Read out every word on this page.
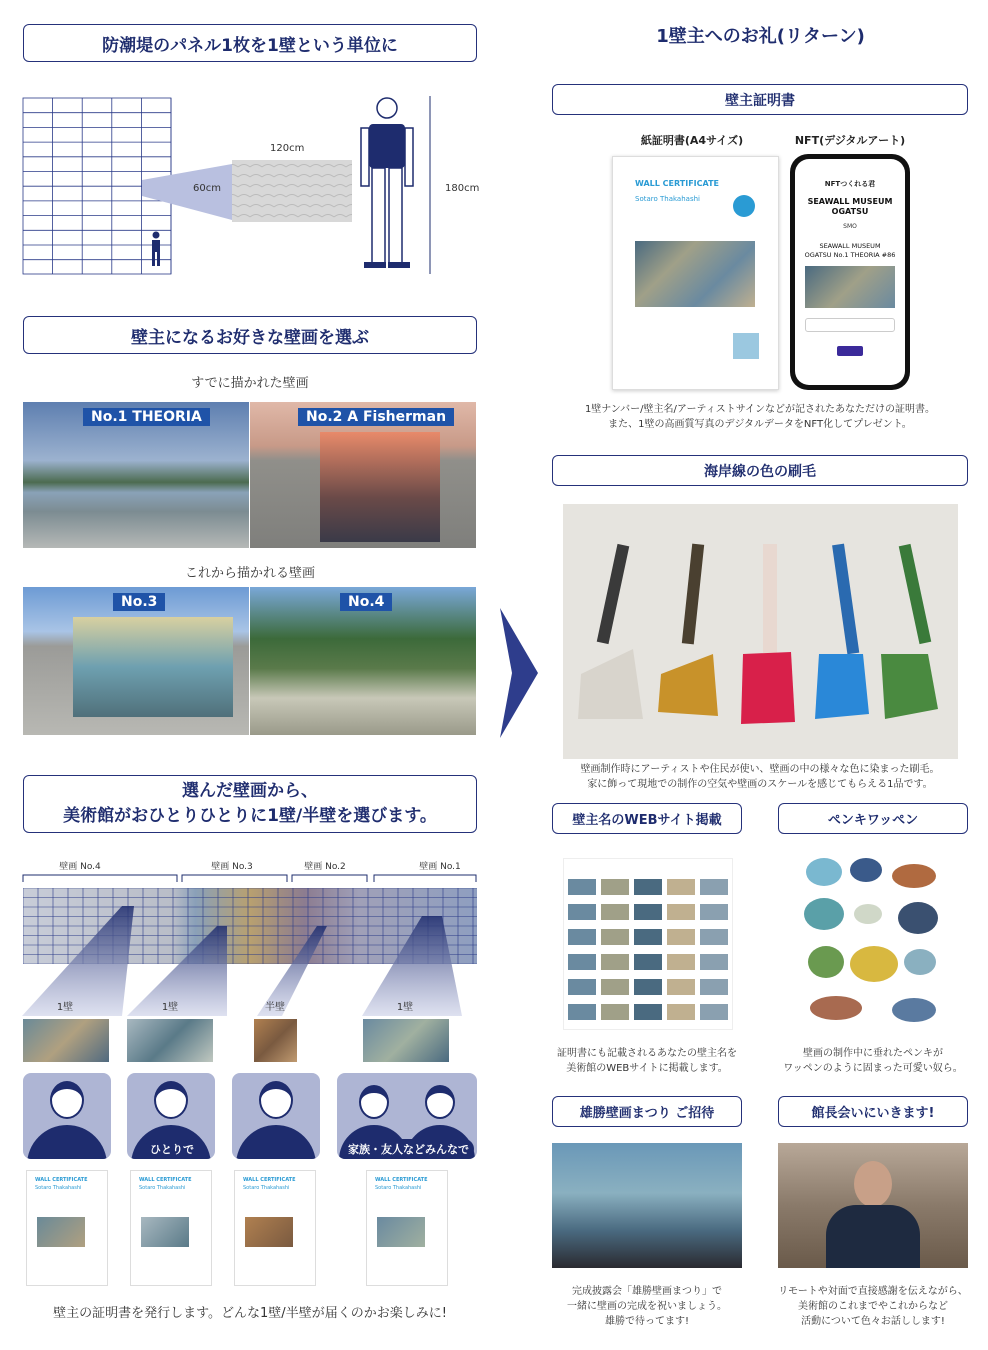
防潮堤のパネル1枚を1壁という単位に
120cm
60cm	180cm
壁主になるお好きな壁画を選ぶ
すでに描かれた壁画
No.1 THEORIA	No.2 A Fisherman
これから描かれる壁画
No.3	No.4
選んだ壁画から、
美術館がおひとりひとりに1壁/半壁を選びます。
壁画 No.4	壁画 No.3	壁画 No.2	壁画 No.1
1壁	1壁	半壁	1壁
ひとりで	家族・友人などみんなで
WALL CERTIFICATE
Sotaro Thakahashi
WALL CERTIFICATE
Sotaro Thakahashi
WALL CERTIFICATE
Sotaro Thakahashi
WALL CERTIFICATE
Sotaro Thakahashi
壁主の証明書を発行します。どんな1壁/半壁が届くのかお楽しみに!
1壁主へのお礼(リターン)
壁主証明書
紙証明書(A4サイズ)	NFT(デジタルアート)
WALL CERTIFICATE
Sotaro Thakahashi
NFTつくれる君
SEAWALL MUSEUM
OGATSU
SMO
SEAWALL MUSEUM
OGATSU No.1 THEORIA #86
1壁ナンバー/壁主名/アーティストサインなどが記されたあなただけの証明書。
また、1壁の高画質写真のデジタルデータをNFT化してプレゼント。
海岸線の色の刷毛
壁画制作時にアーティストや住民が使い、壁画の中の様々な色に染まった刷毛。
家に飾って現地での制作の空気や壁画のスケールを感じてもらえる1品です。
壁主名のWEBサイト掲載	ペンキワッペン
証明書にも記載されるあなたの壁主名を
美術館のWEBサイトに掲載します。
壁画の制作中に垂れたペンキが
ワッペンのように固まった可愛い奴ら。
雄勝壁画まつり ご招待	館長会いにいきます!
完成披露会「雄勝壁画まつり」で
一緒に壁画の完成を祝いましょう。
雄勝で待ってます!
リモートや対面で直接感謝を伝えながら、
美術館のこれまでやこれからなど
活動について色々お話しします!
